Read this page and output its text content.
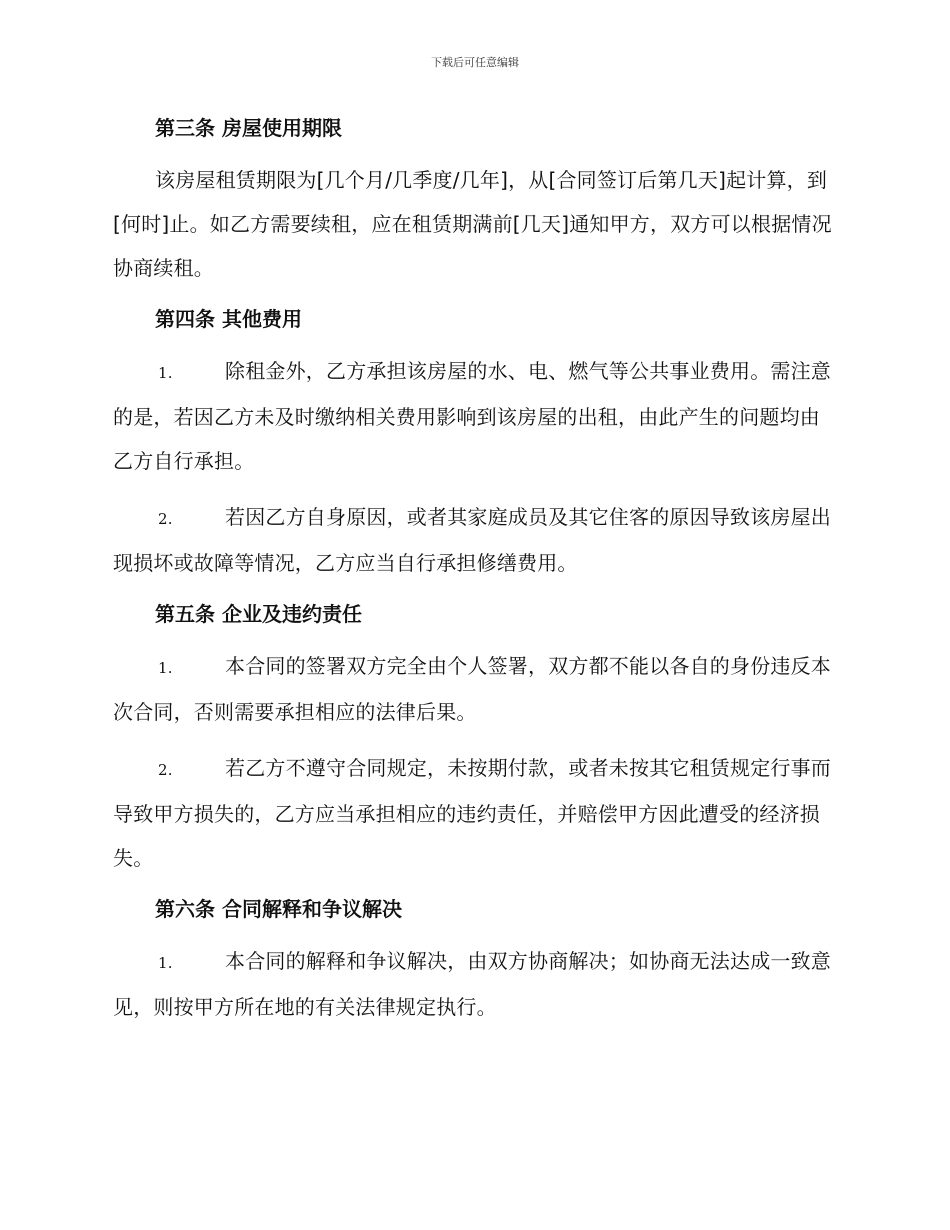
下载后可任意编辑
第三条 房屋使用期限
该房屋租赁期限为[几个月/几季度/几年]，从[合同签订后第几天]起计算，到[何时]止。如乙方需要续租，应在租赁期满前[几天]通知甲方，双方可以根据情况协商续租。
第四条 其他费用
1.	除租金外，乙方承担该房屋的水、电、燃气等公共事业费用。需注意的是，若因乙方未及时缴纳相关费用影响到该房屋的出租，由此产生的问题均由乙方自行承担。
2.	若因乙方自身原因，或者其家庭成员及其它住客的原因导致该房屋出现损坏或故障等情况，乙方应当自行承担修缮费用。
第五条 企业及违约责任
1.	本合同的签署双方完全由个人签署，双方都不能以各自的身份违反本次合同，否则需要承担相应的法律后果。
2.	若乙方不遵守合同规定，未按期付款，或者未按其它租赁规定行事而导致甲方损失的，乙方应当承担相应的违约责任，并赔偿甲方因此遭受的经济损失。
第六条 合同解释和争议解决
1.	本合同的解释和争议解决，由双方协商解决；如协商无法达成一致意见，则按甲方所在地的有关法律规定执行。
